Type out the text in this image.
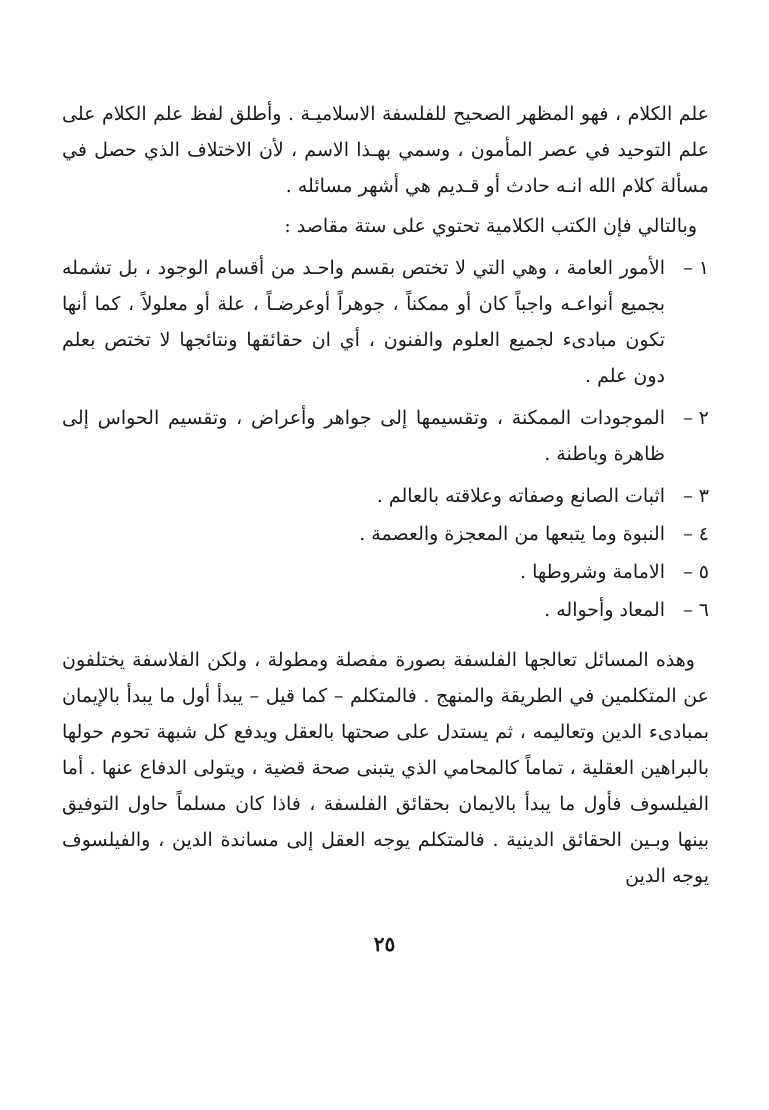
علم الكلام ، فهو المظهر الصحيح للفلسفة الاسلاميـة . وأطلق لفظ علم الكلام على علم التوحيد في عصر المأمون ، وسمي بهـذا الاسم ، لأن الاختلاف الذي حصل في مسألة كلام الله انـه حادث أو قـديم هي أشهر مسائله .

وبالتالي فإن الكتب الكلامية تحتوي على ستة مقاصد :

١ –
الأمور العامة ، وهي التي لا تختص بقسم واحـد من أقسام الوجود ، بل تشمله بجميع أنواعـه واجباً كان أو ممكناً ، جوهراً أوعرضـاً ، علة أو معلولاً ، كما أنها تكون مبادىء لجميع العلوم والفنون ، أي ان حقائقها ونتائجها لا تختص بعلم دون علم .
٢ –
الموجودات الممكنة ، وتقسيمها إلى جواهر وأعراض ، وتقسيم الحواس إلى ظاهرة وباطنة .
٣ –
اثبات الصانع وصفاته وعلاقته بالعالم .
٤ –
النبوة وما يتبعها من المعجزة والعصمة .
٥ –
الامامة وشروطها .
٦ –
المعاد وأحواله .

وهذه المسائل تعالجها الفلسفة بصورة مفصلة ومطولة ، ولكن الفلاسفة يختلفون عن المتكلمين في الطريقة والمنهج . فالمتكلم – كما قيل – يبدأ أول ما يبدأ بالإيمان بمبادىء الدين وتعاليمه ، ثم يستدل على صحتها بالعقل ويدفع كل شبهة تحوم حولها بالبراهين العقلية ، تماماً كالمحامي الذي يتبنى صحة قضية ، ويتولى الدفاع عنها . أما الفيلسوف فأول ما يبدأ بالايمان بحقائق الفلسفة ، فاذا كان مسلماً حاول التوفيق بينها وبـين الحقائق الدينية . فالمتكلم يوجه العقل إلى مساندة الدين ، والفيلسوف يوجه الدين

٢٥
